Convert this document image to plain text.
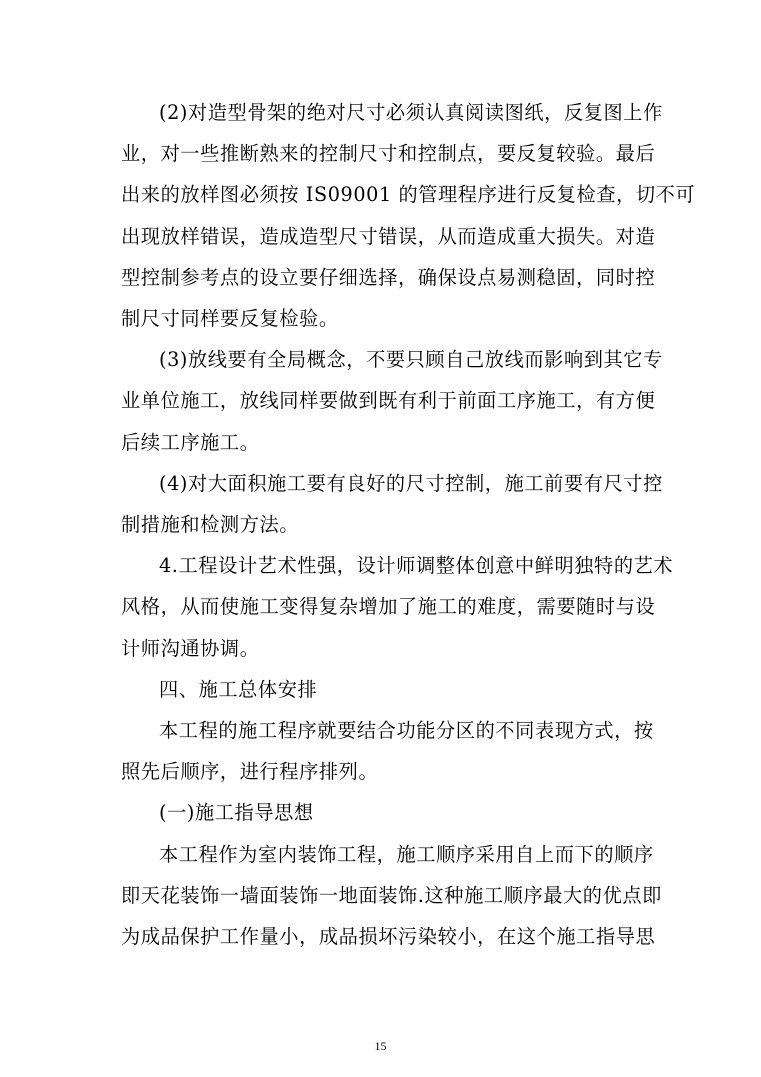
(2)对造型骨架的绝对尺寸必须认真阅读图纸，反复图上作
业，对一些推断熟来的控制尺寸和控制点，要反复较验。最后
出来的放样图必须按 IS09001 的管理程序进行反复检查，切不可
出现放样错误，造成造型尺寸错误，从而造成重大损失。对造
型控制参考点的设立要仔细选择，确保设点易测稳固，同时控
制尺寸同样要反复检验。
(3)放线要有全局概念，不要只顾自己放线而影响到其它专
业单位施工，放线同样要做到既有利于前面工序施工，有方便
后续工序施工。
(4)对大面积施工要有良好的尺寸控制，施工前要有尺寸控
制措施和检测方法。
4.工程设计艺术性强，设计师调整体创意中鲜明独特的艺术
风格，从而使施工变得复杂增加了施工的难度，需要随时与设
计师沟通协调。
四、施工总体安排
本工程的施工程序就要结合功能分区的不同表现方式，按
照先后顺序，进行程序排列。
(一)施工指导思想
本工程作为室内装饰工程，施工顺序采用自上而下的顺序
即天花装饰一墙面装饰一地面装饰.这种施工顺序最大的优点即
为成品保护工作量小，成品损坏污染较小，在这个施工指导思
15
